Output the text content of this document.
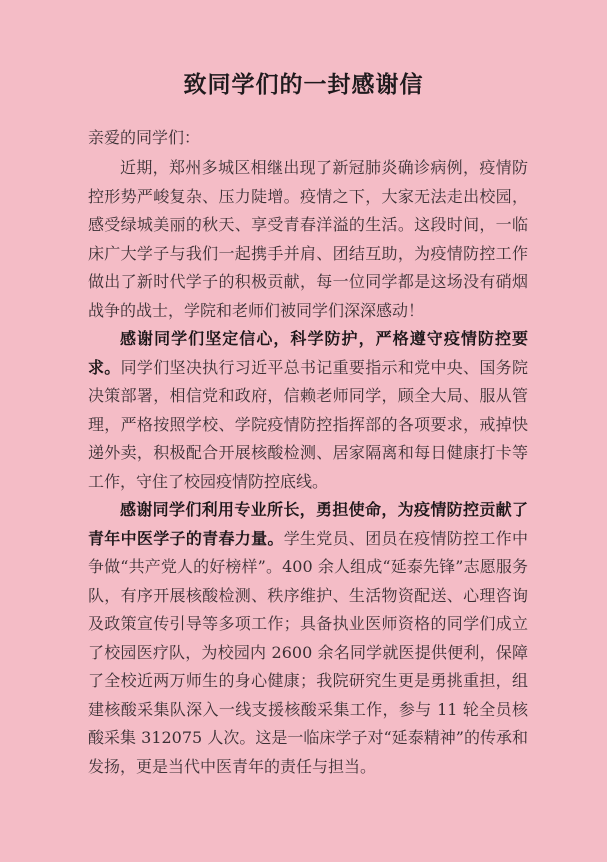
致同学们的一封感谢信

亲爱的同学们：

近期，郑州多城区相继出现了新冠肺炎确诊病例，疫情防控形势严峻复杂、压力陡增。疫情之下，大家无法走出校园，感受绿城美丽的秋天、享受青春洋溢的生活。这段时间，一临床广大学子与我们一起携手并肩、团结互助，为疫情防控工作做出了新时代学子的积极贡献，每一位同学都是这场没有硝烟战争的战士，学院和老师们被同学们深深感动！

感谢同学们坚定信心，科学防护，严格遵守疫情防控要求。同学们坚决执行习近平总书记重要指示和党中央、国务院决策部署，相信党和政府，信赖老师同学，顾全大局、服从管理，严格按照学校、学院疫情防控指挥部的各项要求，戒掉快递外卖，积极配合开展核酸检测、居家隔离和每日健康打卡等工作，守住了校园疫情防控底线。

感谢同学们利用专业所长，勇担使命，为疫情防控贡献了青年中医学子的青春力量。学生党员、团员在疫情防控工作中争做“共产党人的好榜样”。400 余人组成“延泰先锋”志愿服务队，有序开展核酸检测、秩序维护、生活物资配送、心理咨询及政策宣传引导等多项工作；具备执业医师资格的同学们成立了校园医疗队，为校园内 2600 余名同学就医提供便利，保障了全校近两万师生的身心健康；我院研究生更是勇挑重担，组建核酸采集队深入一线支援核酸采集工作，参与 11 轮全员核酸采集 312075 人次。这是一临床学子对“延泰精神”的传承和发扬，更是当代中医青年的责任与担当。
